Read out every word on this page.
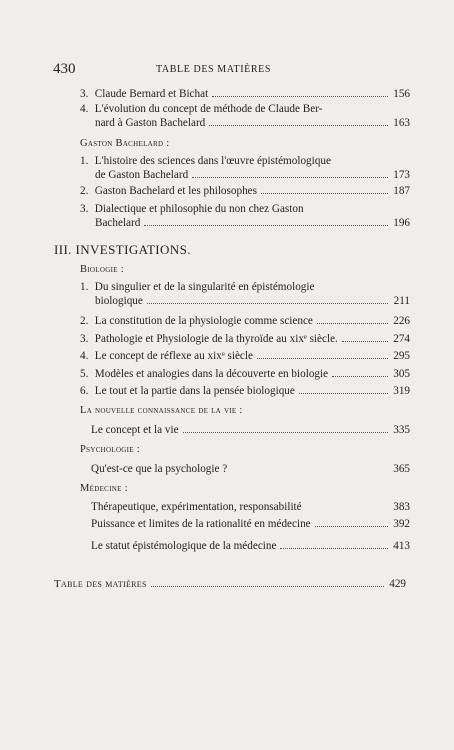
430	TABLE DES MATIÈRES
3. Claude Bernard et Bichat	156
4. L'évolution du concept de méthode de Claude Ber-
nard à Gaston Bachelard	163
Gaston Bachelard :
1. L'histoire des sciences dans l'œuvre épistémologique
de Gaston Bachelard	173
2. Gaston Bachelard et les philosophes	187
3. Dialectique et philosophie du non chez Gaston
Bachelard	196
III. INVESTIGATIONS.
Biologie :
1. Du singulier et de la singularité en épistémologie
biologique	211
2. La constitution de la physiologie comme science	226
3. Pathologie et Physiologie de la thyroïde au xixᵉ siècle.	274
4. Le concept de réflexe au xixᵉ siècle	295
5. Modèles et analogies dans la découverte en biologie	305
6. Le tout et la partie dans la pensée biologique	319
La nouvelle connaissance de la vie :
Le concept et la vie	335
Psychologie :
Qu'est-ce que la psychologie ?	365
Médecine :
Thérapeutique, expérimentation, responsabilité	383
Puissance et limites de la rationalité en médecine	392
Le statut épistémologique de la médecine	413
Table des matières	429
